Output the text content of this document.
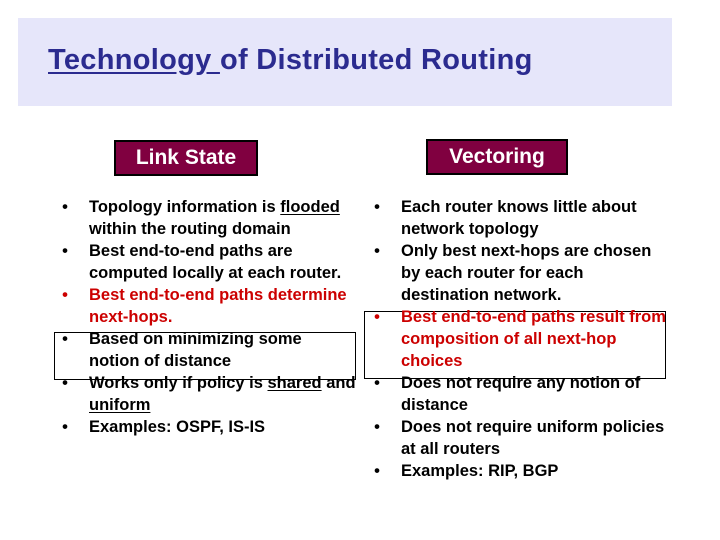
Technology of Distributed Routing
Link State	Vectoring
•	Topology information is flooded within the routing domain
•	Best end-to-end paths are computed locally at each router.
•	Best end-to-end paths determine next-hops.
•	Based on minimizing some notion of distance
•	Works only if policy is shared and uniform
•	Examples: OSPF, IS-IS
•	Each router knows little about network topology
•	Only best next-hops are chosen by each router for each destination network.
•	Best end-to-end paths result from composition of all next-hop choices
•	Does not require any notion of distance
•	Does not require uniform policies at all routers
•	Examples: RIP, BGP
